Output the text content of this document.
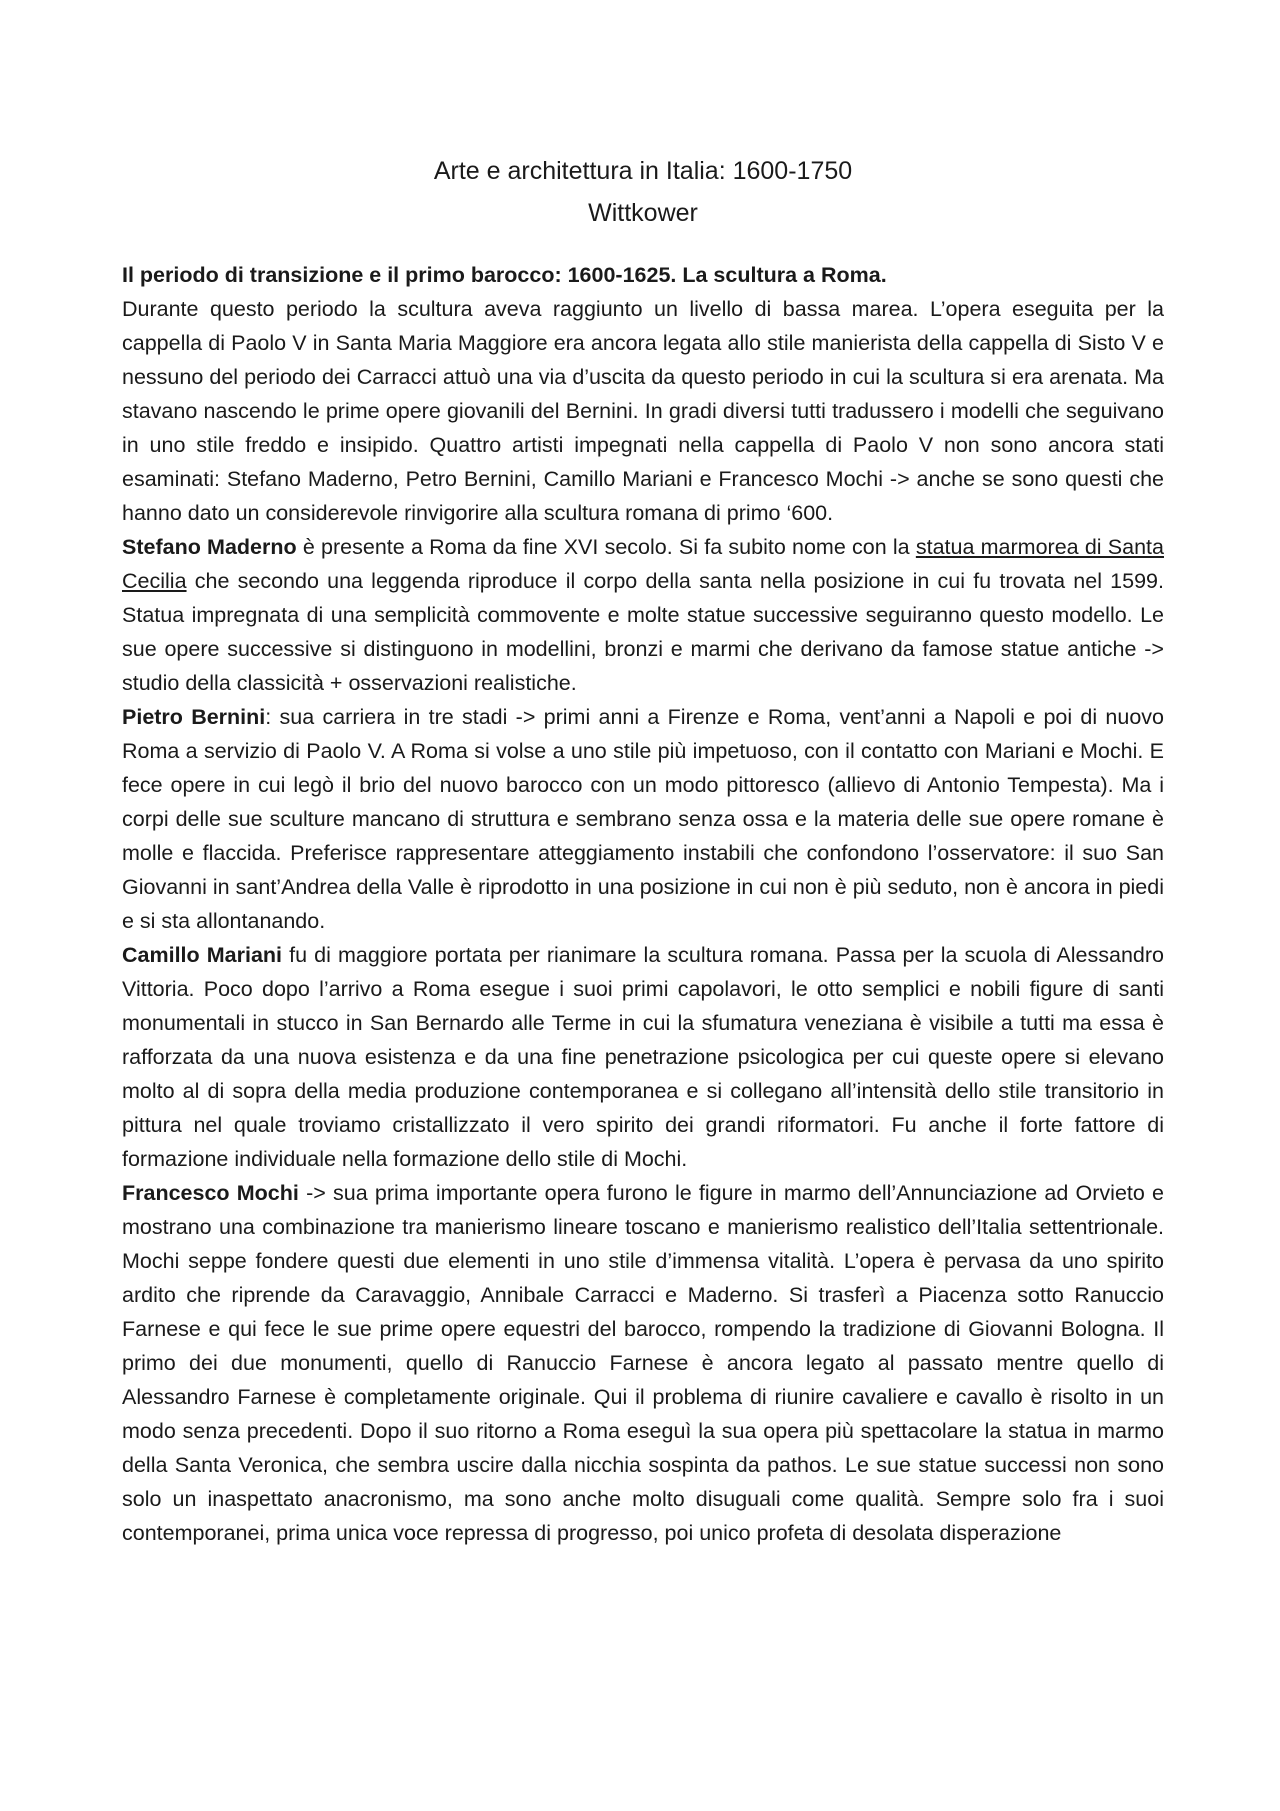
Arte e architettura in Italia: 1600-1750
Wittkower
Il periodo di transizione e il primo barocco: 1600-1625. La scultura a Roma.

Durante questo periodo la scultura aveva raggiunto un livello di bassa marea. L’opera eseguita per la cappella di Paolo V in Santa Maria Maggiore era ancora legata allo stile manierista della cappella di Sisto V e nessuno del periodo dei Carracci attuò una via d’uscita da questo periodo in cui la scultura si era arenata. Ma stavano nascendo le prime opere giovanili del Bernini. In gradi diversi tutti tradussero i modelli che seguivano in uno stile freddo e insipido. Quattro artisti impegnati nella cappella di Paolo V non sono ancora stati esaminati: Stefano Maderno, Petro Bernini, Camillo Mariani e Francesco Mochi -> anche se sono questi che hanno dato un considerevole rinvigorire alla scultura romana di primo ‘600.

Stefano Maderno è presente a Roma da fine XVI secolo. Si fa subito nome con la statua marmorea di Santa Cecilia che secondo una leggenda riproduce il corpo della santa nella posizione in cui fu trovata nel 1599. Statua impregnata di una semplicità commovente e molte statue successive seguiranno questo modello. Le sue opere successive si distinguono in modellini, bronzi e marmi che derivano da famose statue antiche -> studio della classicità + osservazioni realistiche.

Pietro Bernini: sua carriera in tre stadi -> primi anni a Firenze e Roma, vent’anni a Napoli e poi di nuovo Roma a servizio di Paolo V. A Roma si volse a uno stile più impetuoso, con il contatto con Mariani e Mochi. E fece opere in cui legò il brio del nuovo barocco con un modo pittoresco (allievo di Antonio Tempesta). Ma i corpi delle sue sculture mancano di struttura e sembrano senza ossa e la materia delle sue opere romane è molle e flaccida. Preferisce rappresentare atteggiamento instabili che confondono l’osservatore: il suo San Giovanni in sant’Andrea della Valle è riprodotto in una posizione in cui non è più seduto, non è ancora in piedi e si sta allontanando.

Camillo Mariani fu di maggiore portata per rianimare la scultura romana. Passa per la scuola di Alessandro Vittoria. Poco dopo l’arrivo a Roma esegue i suoi primi capolavori, le otto semplici e nobili figure di santi monumentali in stucco in San Bernardo alle Terme in cui la sfumatura veneziana è visibile a tutti ma essa è rafforzata da una nuova esistenza e da una fine penetrazione psicologica per cui queste opere si elevano molto al di sopra della media produzione contemporanea e si collegano all’intensità dello stile transitorio in pittura nel quale troviamo cristallizzato il vero spirito dei grandi riformatori. Fu anche il forte fattore di formazione individuale nella formazione dello stile di Mochi.

Francesco Mochi -> sua prima importante opera furono le figure in marmo dell’Annunciazione ad Orvieto e mostrano una combinazione tra manierismo lineare toscano e manierismo realistico dell’Italia settentrionale. Mochi seppe fondere questi due elementi in uno stile d’immensa vitalità. L’opera è pervasa da uno spirito ardito che riprende da Caravaggio, Annibale Carracci e Maderno. Si trasferì a Piacenza sotto Ranuccio Farnese e qui fece le sue prime opere equestri del barocco, rompendo la tradizione di Giovanni Bologna. Il primo dei due monumenti, quello di Ranuccio Farnese è ancora legato al passato mentre quello di Alessandro Farnese è completamente originale. Qui il problema di riunire cavaliere e cavallo è risolto in un modo senza precedenti. Dopo il suo ritorno a Roma eseguì la sua opera più spettacolare la statua in marmo della Santa Veronica, che sembra uscire dalla nicchia sospinta da pathos. Le sue statue successi non sono solo un inaspettato anacronismo, ma sono anche molto disuguali come qualità. Sempre solo fra i suoi contemporanei, prima unica voce repressa di progresso, poi unico profeta di desolata disperazione
